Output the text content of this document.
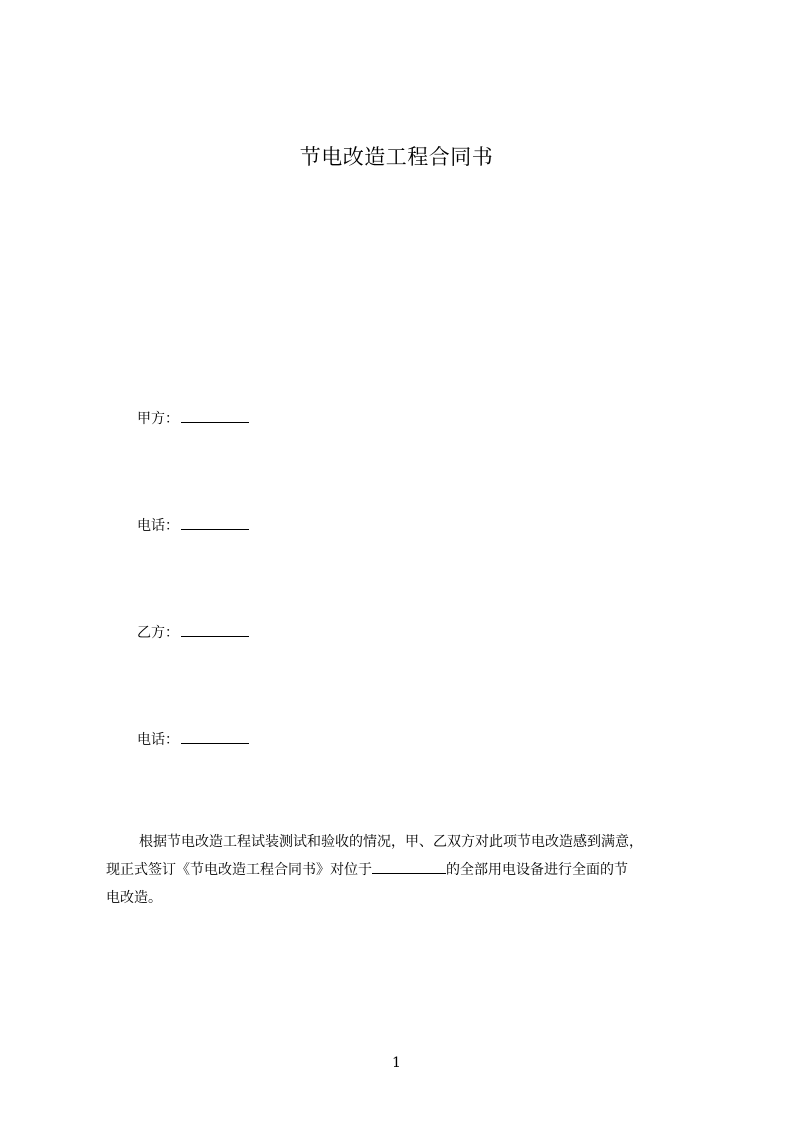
节电改造工程合同书
甲方：
电话：
乙方：
电话：
根据节电改造工程试装测试和验收的情况，甲、乙双方对此项节电改造感到满意，
现正式签订《节电改造工程合同书》对位于	的全部用电设备进行全面的节
电改造。
1
